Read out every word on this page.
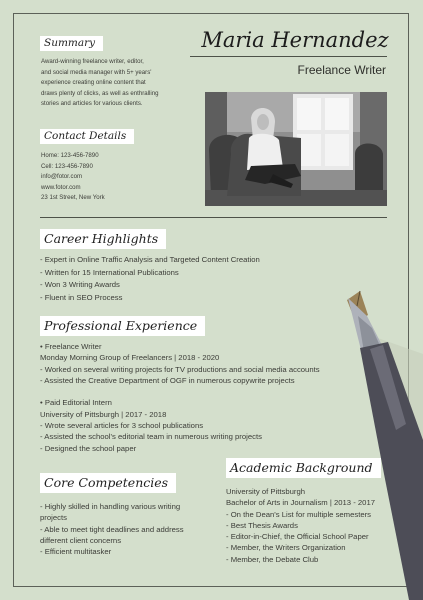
Summary
Award-winning freelance writer, editor,
and social media manager with 5+ years'
experience creating online content that
draws plenty of clicks, as well as enthralling
stories and articles for various clients.
Contact Details
Home: 123-456-7890
Cell: 123-456-7890
info@fotor.com
www.fotor.com
23 1st Street, New York
Maria Hernandez
Freelance Writer
Career Highlights
- Expert in Online Traffic Analysis and Targeted Content Creation
- Written for 15 International Publications
- Won 3 Writing Awards
- Fluent in SEO Process
Professional Experience
• Freelance Writer
Monday Morning Group of Freelancers | 2018 - 2020
- Worked on several writing projects for TV productions and social media accounts
- Assisted the Creative Department of OGF in numerous copywrite projects

• Paid Editorial Intern
University of Pittsburgh | 2017 - 2018
- Wrote several articles for 3 school publications
- Assisted the school's editorial team in numerous writing projects
- Designed the school paper
Core Competencies
- Highly skilled in handling various writing
projects
- Able to meet tight deadlines and address
different client concerns
- Efficient multitasker
Academic Background
University of Pittsburgh
Bachelor of Arts in Journalism | 2013 - 2017
- On the Dean's List for multiple semesters
- Best Thesis Awards
- Editor-in-Chief, the Official School Paper
- Member, the Writers Organization
- Member, the Debate Club
